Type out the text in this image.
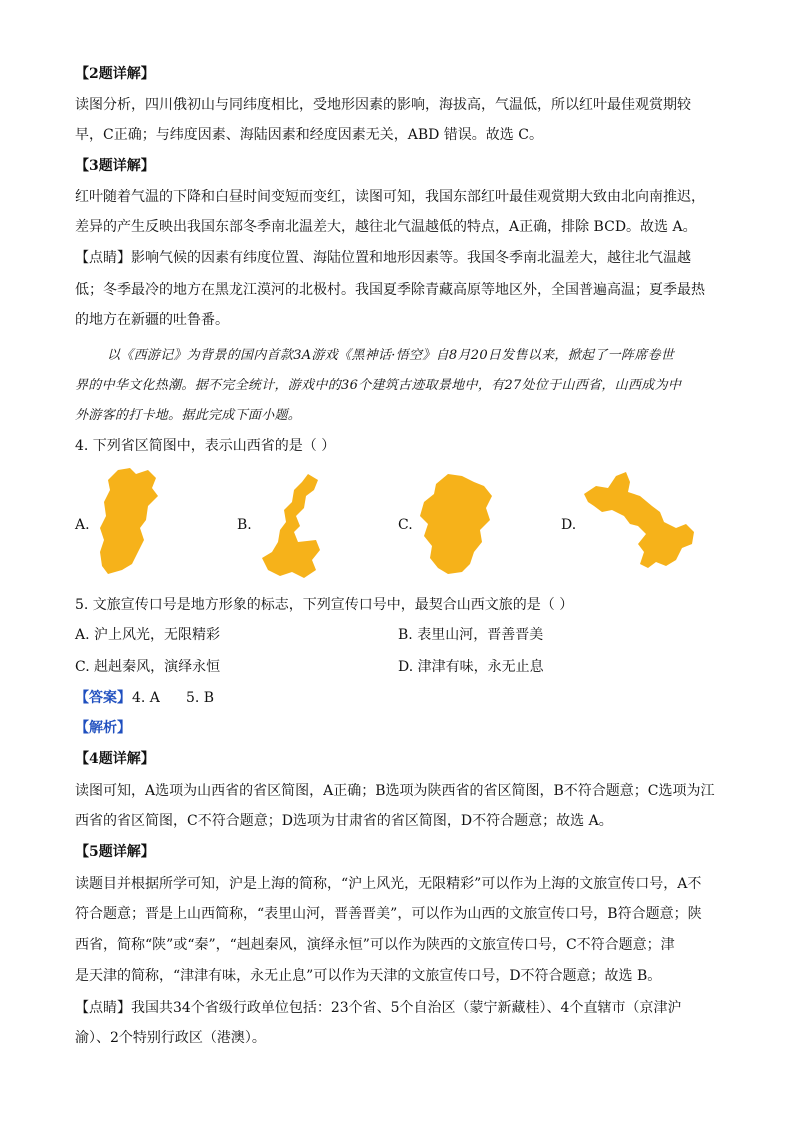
【2题详解】
读图分析，四川俄初山与同纬度相比，受地形因素的影响，海拔高，气温低，所以红叶最佳观赏期较
早，C正确；与纬度因素、海陆因素和经度因素无关，ABD 错误。故选 C。
【3题详解】
红叶随着气温的下降和白昼时间变短而变红，读图可知，我国东部红叶最佳观赏期大致由北向南推迟，
差异的产生反映出我国东部冬季南北温差大，越往北气温越低的特点，A正确，排除 BCD。故选 A。
【点睛】影响气候的因素有纬度位置、海陆位置和地形因素等。我国冬季南北温差大，越往北气温越
低；冬季最冷的地方在黑龙江漠河的北极村。我国夏季除青藏高原等地区外，全国普遍高温；夏季最热
的地方在新疆的吐鲁番。
以《西游记》为背景的国内首款3A游戏《黑神话·悟空》自8月20日发售以来，掀起了一阵席卷世
界的中华文化热潮。据不完全统计，游戏中的36个建筑古迹取景地中，有27处位于山西省，山西成为中
外游客的打卡地。据此完成下面小题。
4. 下列省区简图中，表示山西省的是（ ）
A.	B.	C.	D.
5. 文旅宣传口号是地方形象的标志，下列宣传口号中，最契合山西文旅的是（ ）
A. 沪上风光，无限精彩	B. 表里山河，晋善晋美
C. 赳赳秦风，演绎永恒	D. 津津有味，永无止息
【答案】 4. A 5. B
【解析】
【4题详解】
读图可知，A选项为山西省的省区简图，A正确；B选项为陕西省的省区简图，B不符合题意；C选项为江
西省的省区简图，C不符合题意；D选项为甘肃省的省区简图，D不符合题意；故选 A。
【5题详解】
读题目并根据所学可知，沪是上海的简称，“沪上风光，无限精彩”可以作为上海的文旅宣传口号，A不
符合题意；晋是上山西简称，“表里山河，晋善晋美”，可以作为山西的文旅宣传口号，B符合题意；陕
西省，简称“陕”或“秦”，“赳赳秦风，演绎永恒”可以作为陕西的文旅宣传口号，C不符合题意；津
是天津的简称，“津津有味，永无止息”可以作为天津的文旅宣传口号，D不符合题意；故选 B。
【点睛】我国共34个省级行政单位包括：23个省、5个自治区（蒙宁新藏桂）、4个直辖市（京津沪
渝）、2个特别行政区（港澳）。
